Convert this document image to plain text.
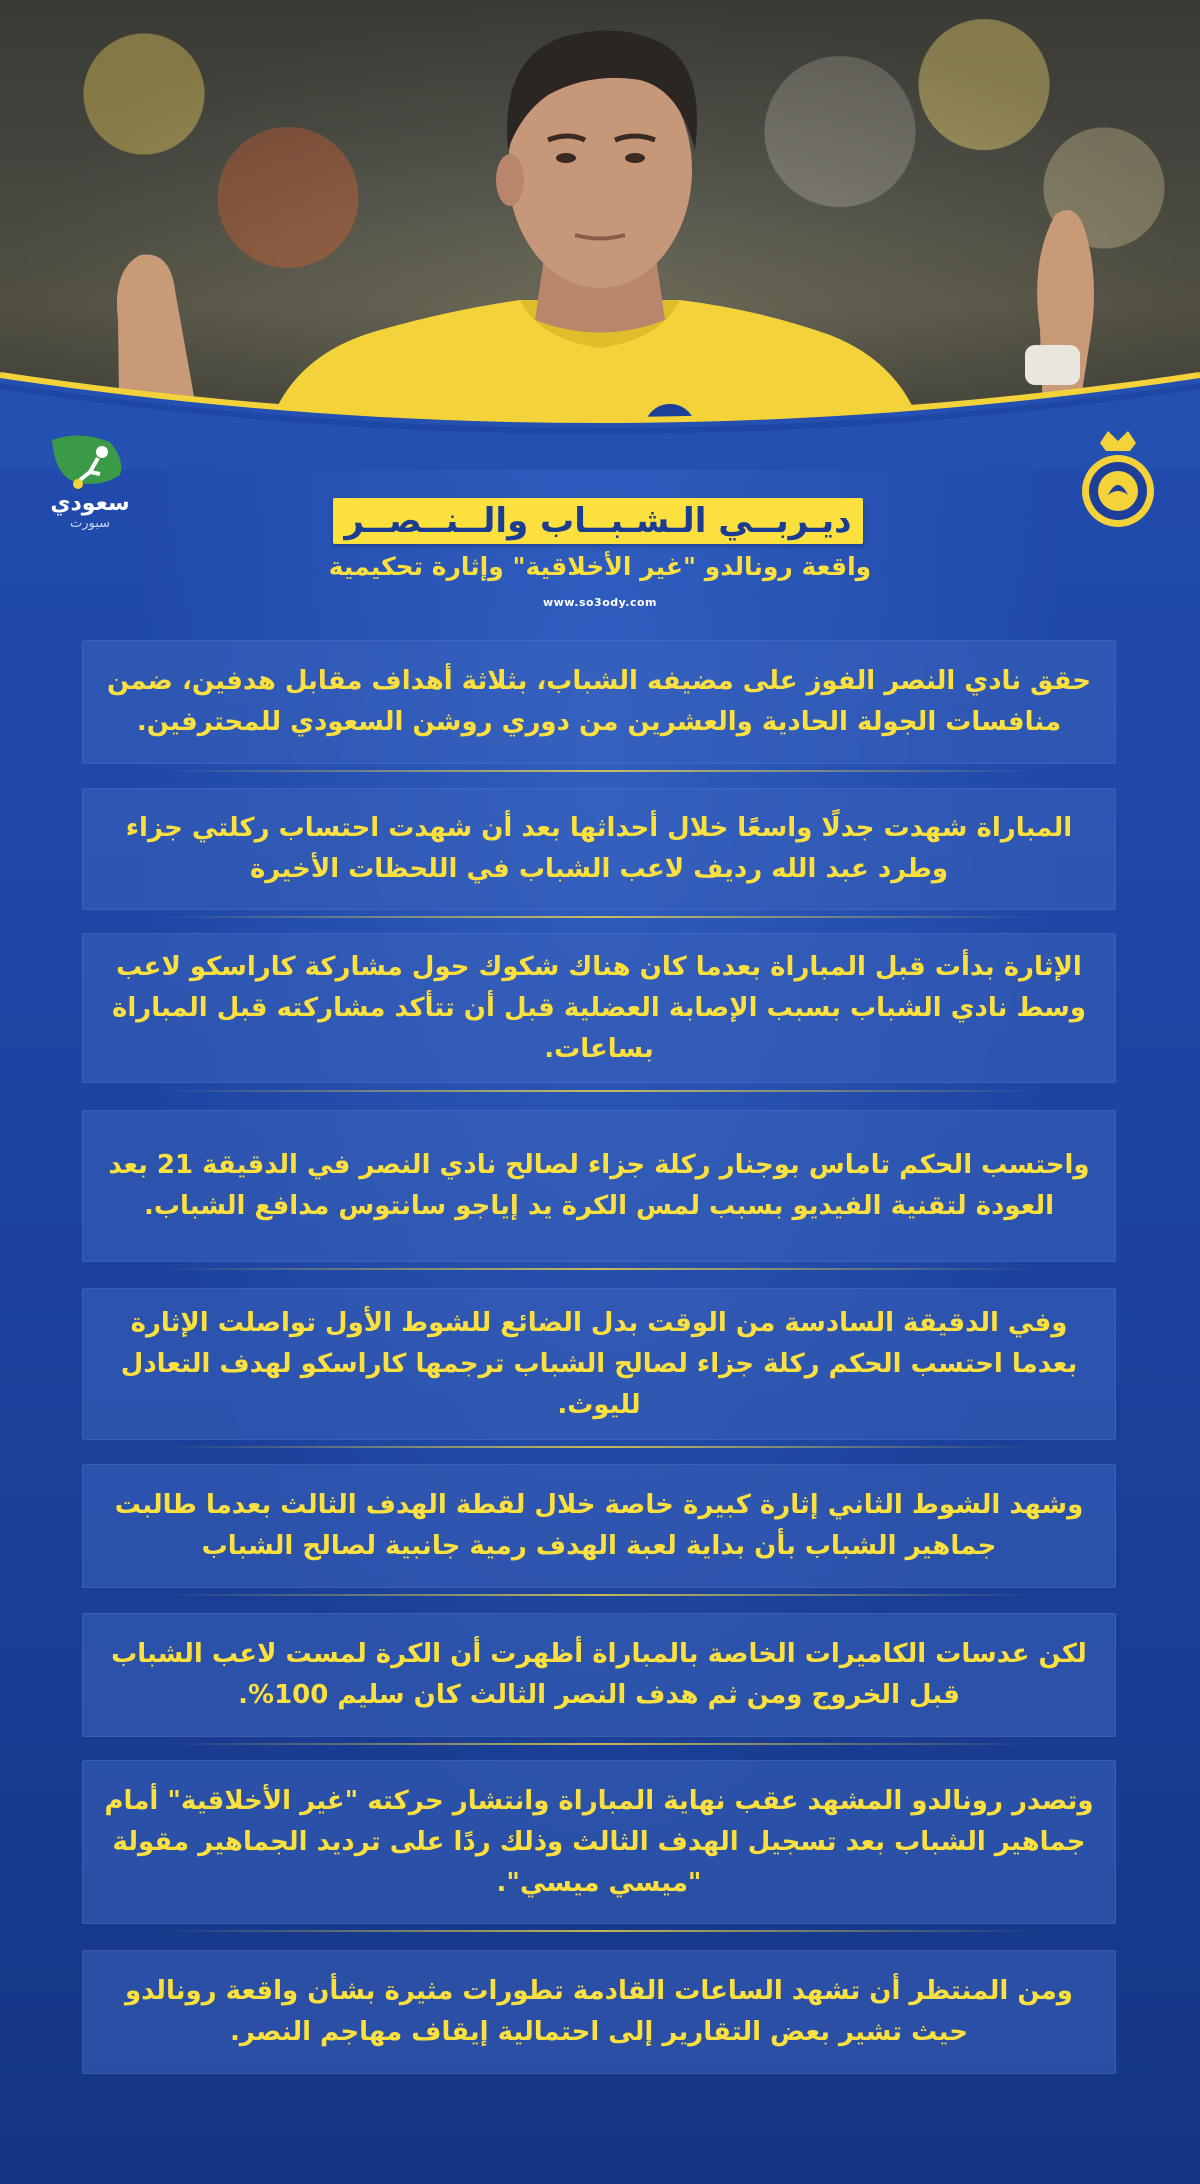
سعودي
سبورت	ديـربــي الـشـبــاب والــنــصــر
واقعة رونالدو "غير الأخلاقية" وإثارة تحكيمية
www.so3ody.com
حقق نادي النصر الفوز على مضيفه الشباب، بثلاثة أهداف مقابل هدفين، ضمن منافسات الجولة الحادية والعشرين من دوري روشن السعودي للمحترفين.
المباراة شهدت جدلًا واسعًا خلال أحداثها بعد أن شهدت احتساب ركلتي جزاء وطرد عبد الله رديف لاعب الشباب في اللحظات الأخيرة
الإثارة بدأت قبل المباراة بعدما كان هناك شكوك حول مشاركة كاراسكو لاعب وسط نادي الشباب بسبب الإصابة العضلية قبل أن تتأكد مشاركته قبل المباراة بساعات.
واحتسب الحكم تاماس بوجنار ركلة جزاء لصالح نادي النصر في الدقيقة 21 بعد العودة لتقنية الفيديو بسبب لمس الكرة يد إياجو سانتوس مدافع الشباب.
وفي الدقيقة السادسة من الوقت بدل الضائع للشوط الأول تواصلت الإثارة بعدما احتسب الحكم ركلة جزاء لصالح الشباب ترجمها كاراسكو لهدف التعادل لليوث.
وشهد الشوط الثاني إثارة كبيرة خاصة خلال لقطة الهدف الثالث بعدما طالبت جماهير الشباب بأن بداية لعبة الهدف رمية جانبية لصالح الشباب
لكن عدسات الكاميرات الخاصة بالمباراة أظهرت أن الكرة لمست لاعب الشباب قبل الخروج ومن ثم هدف النصر الثالث كان سليم 100%.
وتصدر رونالدو المشهد عقب نهاية المباراة وانتشار حركته "غير الأخلاقية" أمام جماهير الشباب بعد تسجيل الهدف الثالث وذلك ردًا على ترديد الجماهير مقولة "ميسي ميسي".
ومن المنتظر أن تشهد الساعات القادمة تطورات مثيرة بشأن واقعة رونالدو حيث تشير بعض التقارير إلى احتمالية إيقاف مهاجم النصر.
